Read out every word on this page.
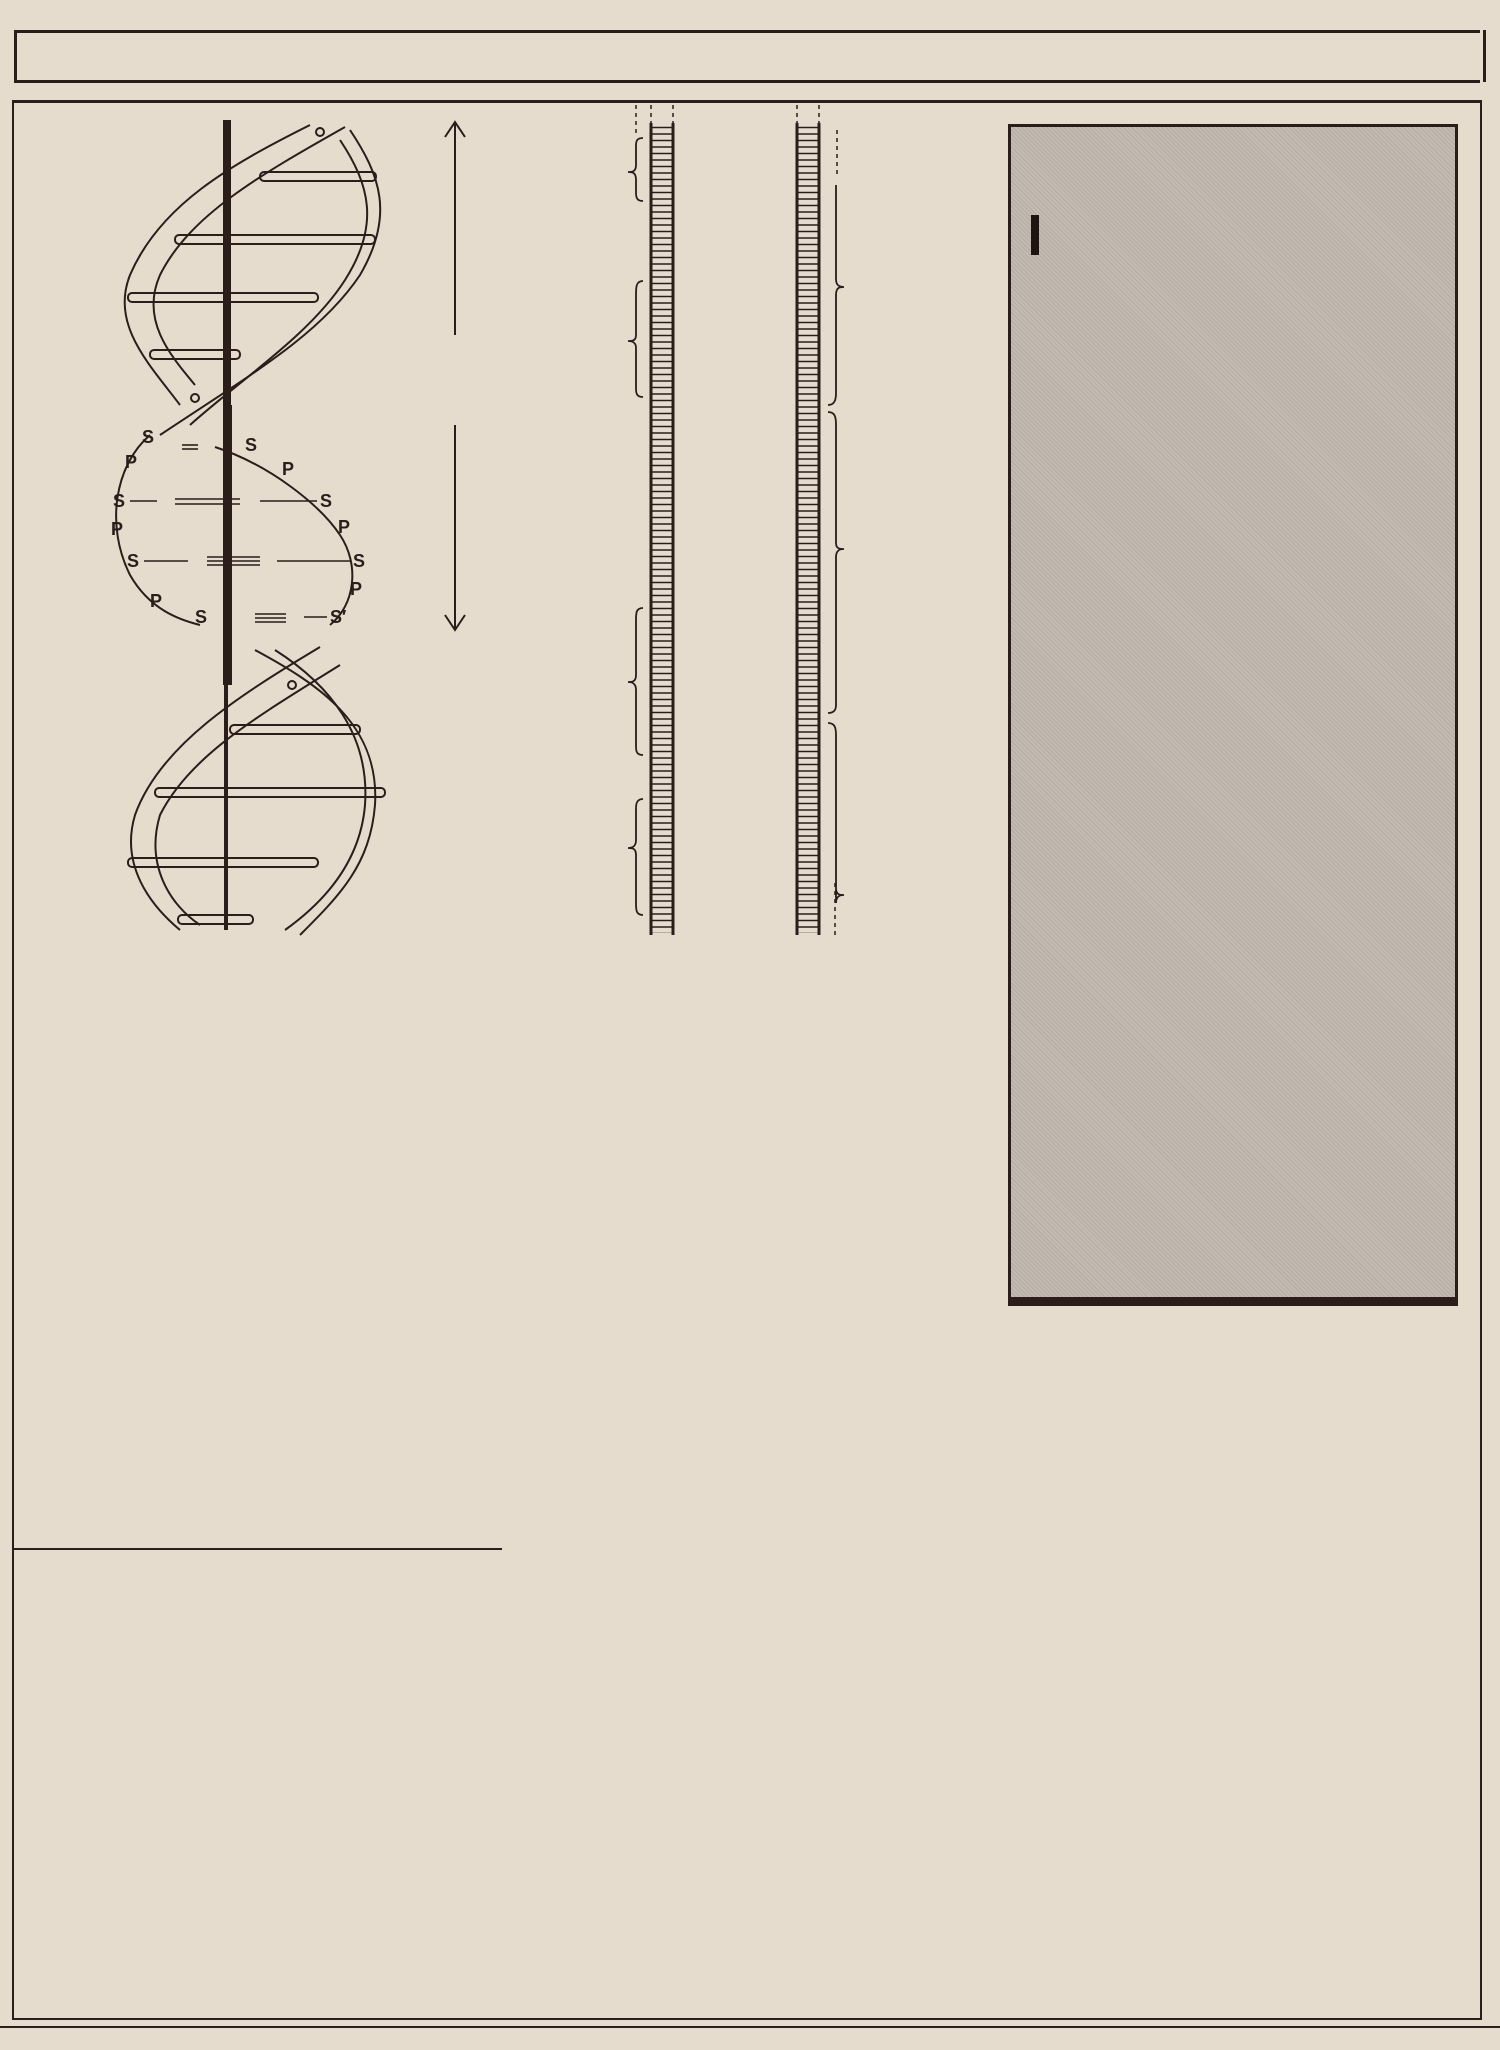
S	S
P	P
S	S
P	P
S	S
P
P
S	S′
